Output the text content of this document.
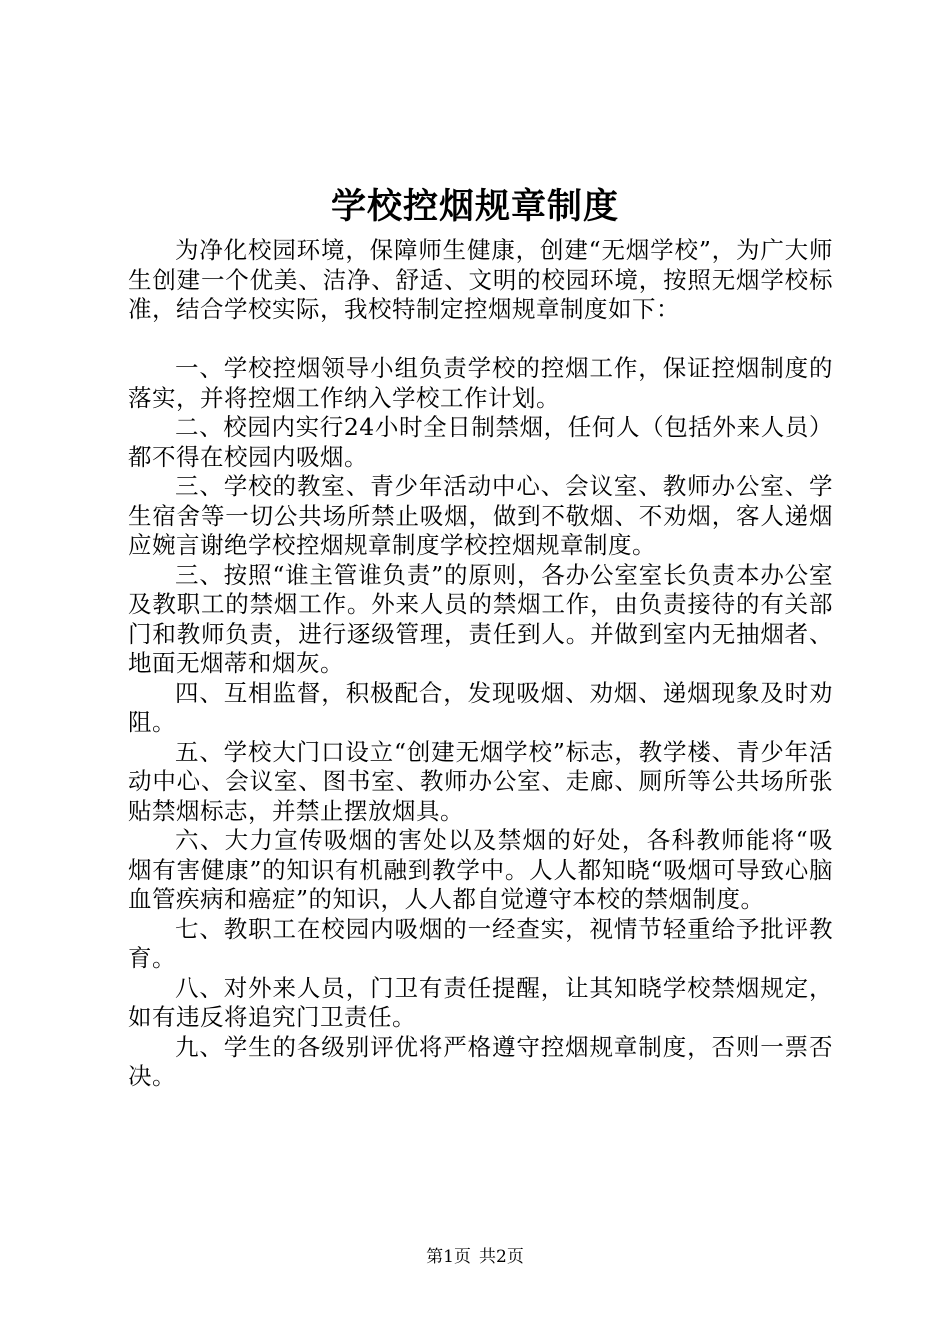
学校控烟规章制度

为净化校园环境，保障师生健康，创建“无烟学校”，为广大师生创建一个优美、洁净、舒适、文明的校园环境，按照无烟学校标准，结合学校实际，我校特制定控烟规章制度如下：

一、学校控烟领导小组负责学校的控烟工作，保证控烟制度的落实，并将控烟工作纳入学校工作计划。

二、校园内实行24小时全日制禁烟，任何人（包括外来人员）都不得在校园内吸烟。

三、学校的教室、青少年活动中心、会议室、教师办公室、学生宿舍等一切公共场所禁止吸烟，做到不敬烟、不劝烟，客人递烟应婉言谢绝学校控烟规章制度学校控烟规章制度。

三、按照“谁主管谁负责”的原则，各办公室室长负责本办公室及教职工的禁烟工作。外来人员的禁烟工作，由负责接待的有关部门和教师负责，进行逐级管理，责任到人。并做到室内无抽烟者、地面无烟蒂和烟灰。

四、互相监督，积极配合，发现吸烟、劝烟、递烟现象及时劝阻。

五、学校大门口设立“创建无烟学校”标志，教学楼、青少年活动中心、会议室、图书室、教师办公室、走廊、厕所等公共场所张贴禁烟标志，并禁止摆放烟具。

六、大力宣传吸烟的害处以及禁烟的好处，各科教师能将“吸烟有害健康”的知识有机融到教学中。人人都知晓“吸烟可导致心脑血管疾病和癌症”的知识，人人都自觉遵守本校的禁烟制度。

七、教职工在校园内吸烟的一经查实，视情节轻重给予批评教育。

八、对外来人员，门卫有责任提醒，让其知晓学校禁烟规定，如有违反将追究门卫责任。

九、学生的各级别评优将严格遵守控烟规章制度，否则一票否决。

第1页 共2页
